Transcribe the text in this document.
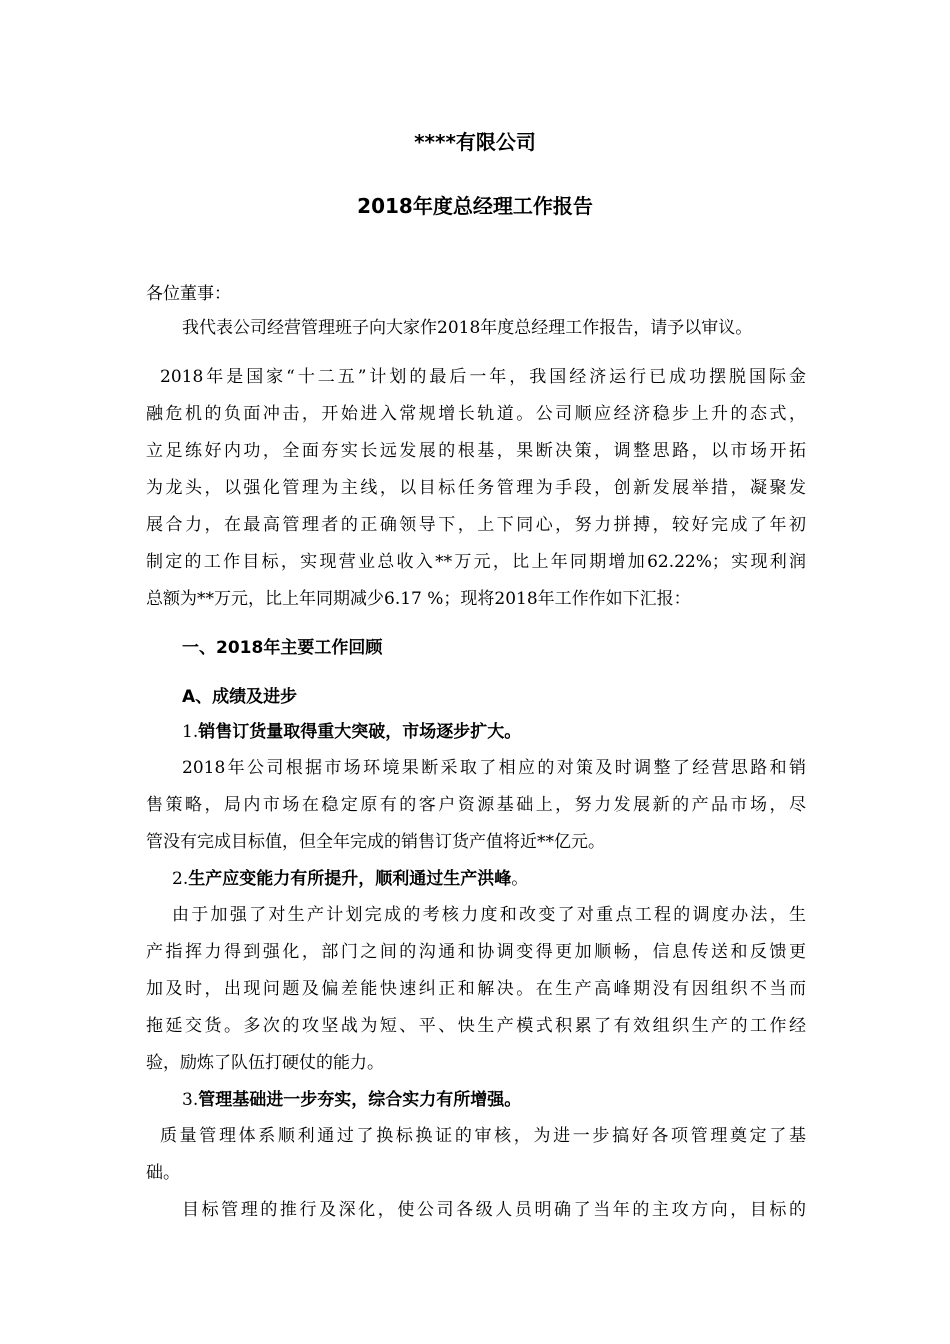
****有限公司
2018年度总经理工作报告
各位董事：
我代表公司经营管理班子向大家作2018年度总经理工作报告，请予以审议。
2018年是国家“十二五”计划的最后一年，我国经济运行已成功摆脱国际金
融危机的负面冲击，开始进入常规增长轨道。公司顺应经济稳步上升的态式，
立足练好内功，全面夯实长远发展的根基，果断决策，调整思路，以市场开拓
为龙头，以强化管理为主线，以目标任务管理为手段，创新发展举措，凝聚发
展合力，在最高管理者的正确领导下，上下同心，努力拼搏，较好完成了年初
制定的工作目标，实现营业总收入**万元，比上年同期增加62.22%；实现利润
总额为**万元，比上年同期减少6.17 %；现将2018年工作作如下汇报：
一、2018年主要工作回顾
A、成绩及进步
1.销售订货量取得重大突破，市场逐步扩大。
2018年公司根据市场环境果断采取了相应的对策及时调整了经营思路和销
售策略，局内市场在稳定原有的客户资源基础上，努力发展新的产品市场，尽
管没有完成目标值，但全年完成的销售订货产值将近**亿元。
2.生产应变能力有所提升，顺利通过生产洪峰。
由于加强了对生产计划完成的考核力度和改变了对重点工程的调度办法，生
产指挥力得到强化，部门之间的沟通和协调变得更加顺畅，信息传送和反馈更
加及时，出现问题及偏差能快速纠正和解决。在生产高峰期没有因组织不当而
拖延交货。多次的攻坚战为短、平、快生产模式积累了有效组织生产的工作经
验，励炼了队伍打硬仗的能力。
3.管理基础进一步夯实，综合实力有所增强。
质量管理体系顺利通过了换标换证的审核，为进一步搞好各项管理奠定了基
础。
目标管理的推行及深化，使公司各级人员明确了当年的主攻方向，目标的
